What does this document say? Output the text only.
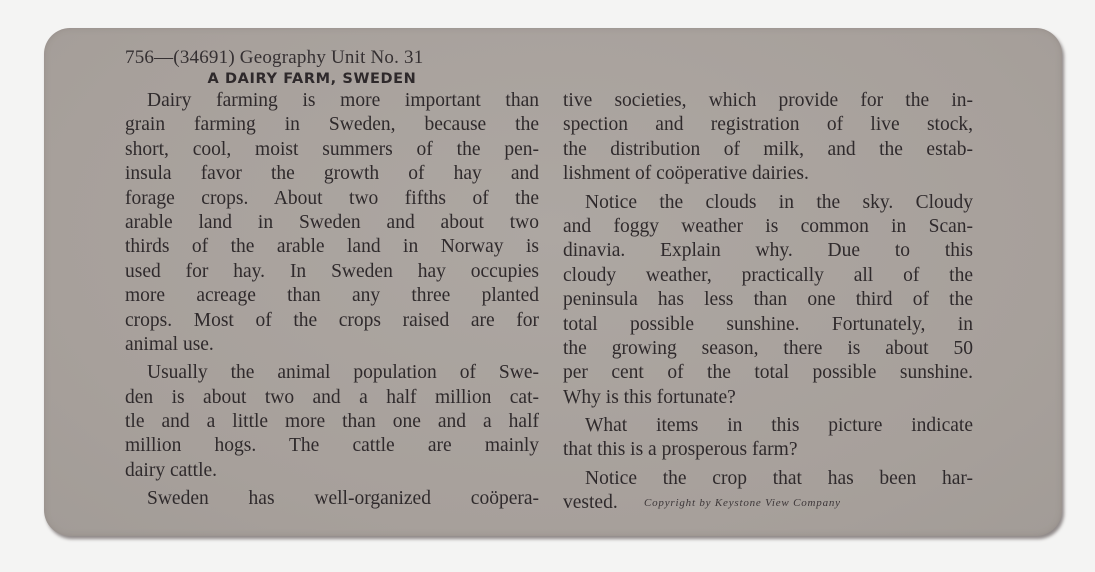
756—(34691) Geography Unit No. 31
A DAIRY FARM, SWEDEN
Dairy farming is more important than
grain farming in Sweden, because the
short, cool, moist summers of the pen-
insula favor the growth of hay and
forage crops. About two fifths of the
arable land in Sweden and about two
thirds of the arable land in Norway is
used for hay. In Sweden hay occupies
more acreage than any three planted
crops. Most of the crops raised are for
animal use.
Usually the animal population of Swe-
den is about two and a half million cat-
tle and a little more than one and a half
million hogs. The cattle are mainly
dairy cattle.
Sweden has well-organized coöpera-
tive societies, which provide for the in-
spection and registration of live stock,
the distribution of milk, and the estab-
lishment of coöperative dairies.
Notice the clouds in the sky. Cloudy
and foggy weather is common in Scan-
dinavia. Explain why. Due to this
cloudy weather, practically all of the
peninsula has less than one third of the
total possible sunshine. Fortunately, in
the growing season, there is about 50
per cent of the total possible sunshine.
Why is this fortunate?
What items in this picture indicate
that this is a prosperous farm?
Notice the crop that has been har-
vested.	Copyright by Keystone View Company
